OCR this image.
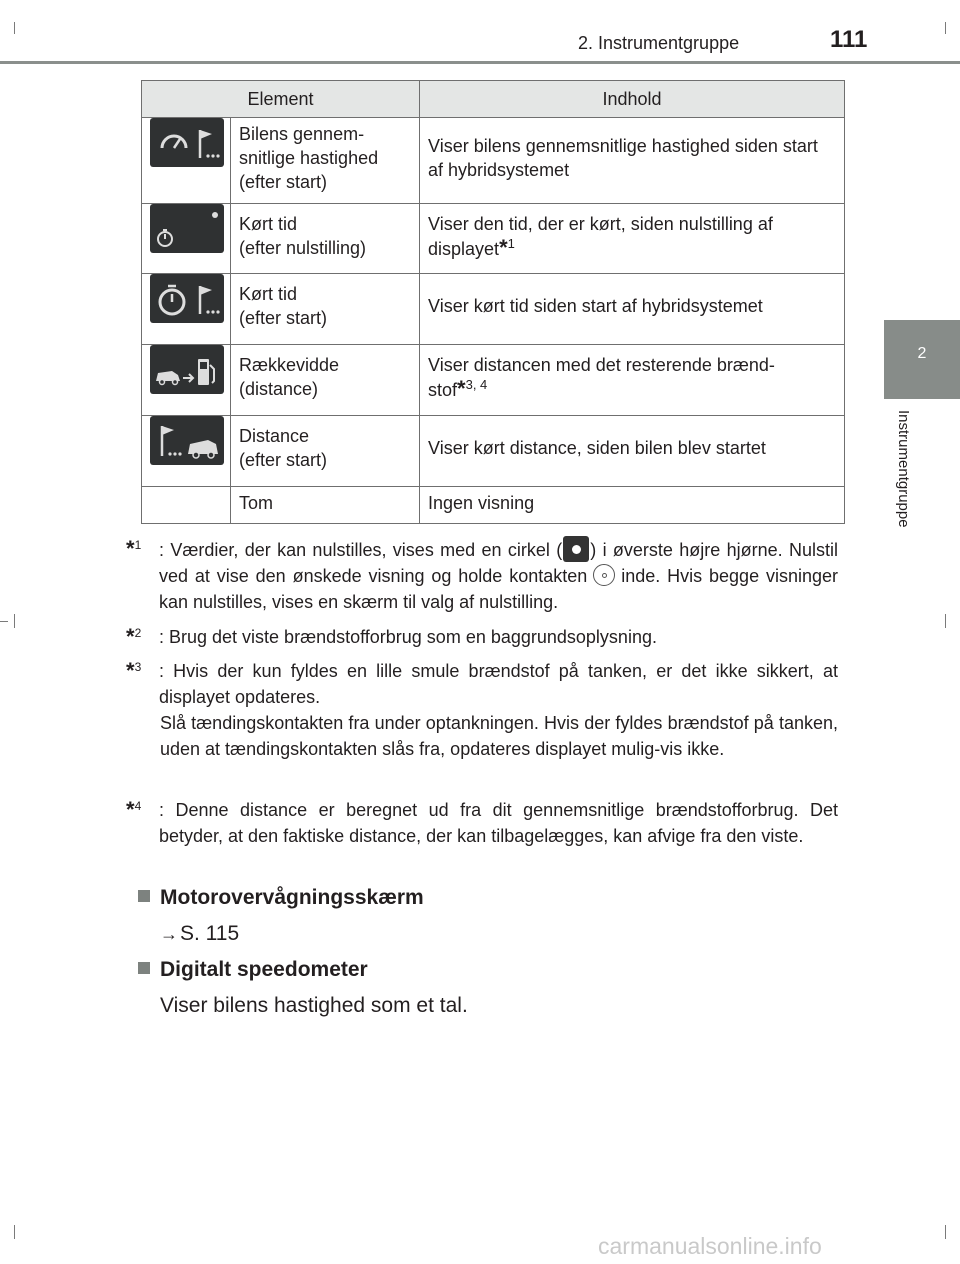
2. Instrumentgruppe	111
2
Instrumentgruppe
Element		Indhold

	Bilens gennem-
snitlige hastighed
(efter start)	Viser bilens gennemsnitlige hastighed siden start af hybridsystemet

	Kørt tid
(efter nulstilling)	Viser den tid, der er kørt, siden nulstilling af displayet*$^1$

	Kørt tid
(efter start)	Viser kørt tid siden start af hybridsystemet

	Rækkevidde
(distance)	Viser distancen med det resterende brænd-
stof*$^{3, 4}$

	Distance
(efter start)	Viser kørt distance, siden bilen blev startet
	Tom	Ingen visning
*$^1$ : Værdier, der kan nulstilles, vises med en cirkel ( ) i øverste højre hjørne. Nulstil ved at vise den ønskede visning og holde kontakten inde. Hvis begge visninger kan nulstilles, vises en skærm til valg af nulstilling.
*$^2$ : Brug det viste brændstofforbrug som en baggrundsoplysning.
*$^3$ : Hvis der kun fyldes en lille smule brændstof på tanken, er det ikke sikkert, at displayet opdateres.
Slå tændingskontakten fra under optankningen. Hvis der fyldes brændstof på tanken, uden at tændingskontakten slås fra, opdateres displayet mulig-vis ikke.
*$^4$ : Denne distance er beregnet ud fra dit gennemsnitlige brændstofforbrug. Det betyder, at den faktiske distance, der kan tilbagelægges, kan afvige fra den viste.
Motorovervågningsskærm
→S. 115
Digitalt speedometer
Viser bilens hastighed som et tal.
carmanualsonline.info
